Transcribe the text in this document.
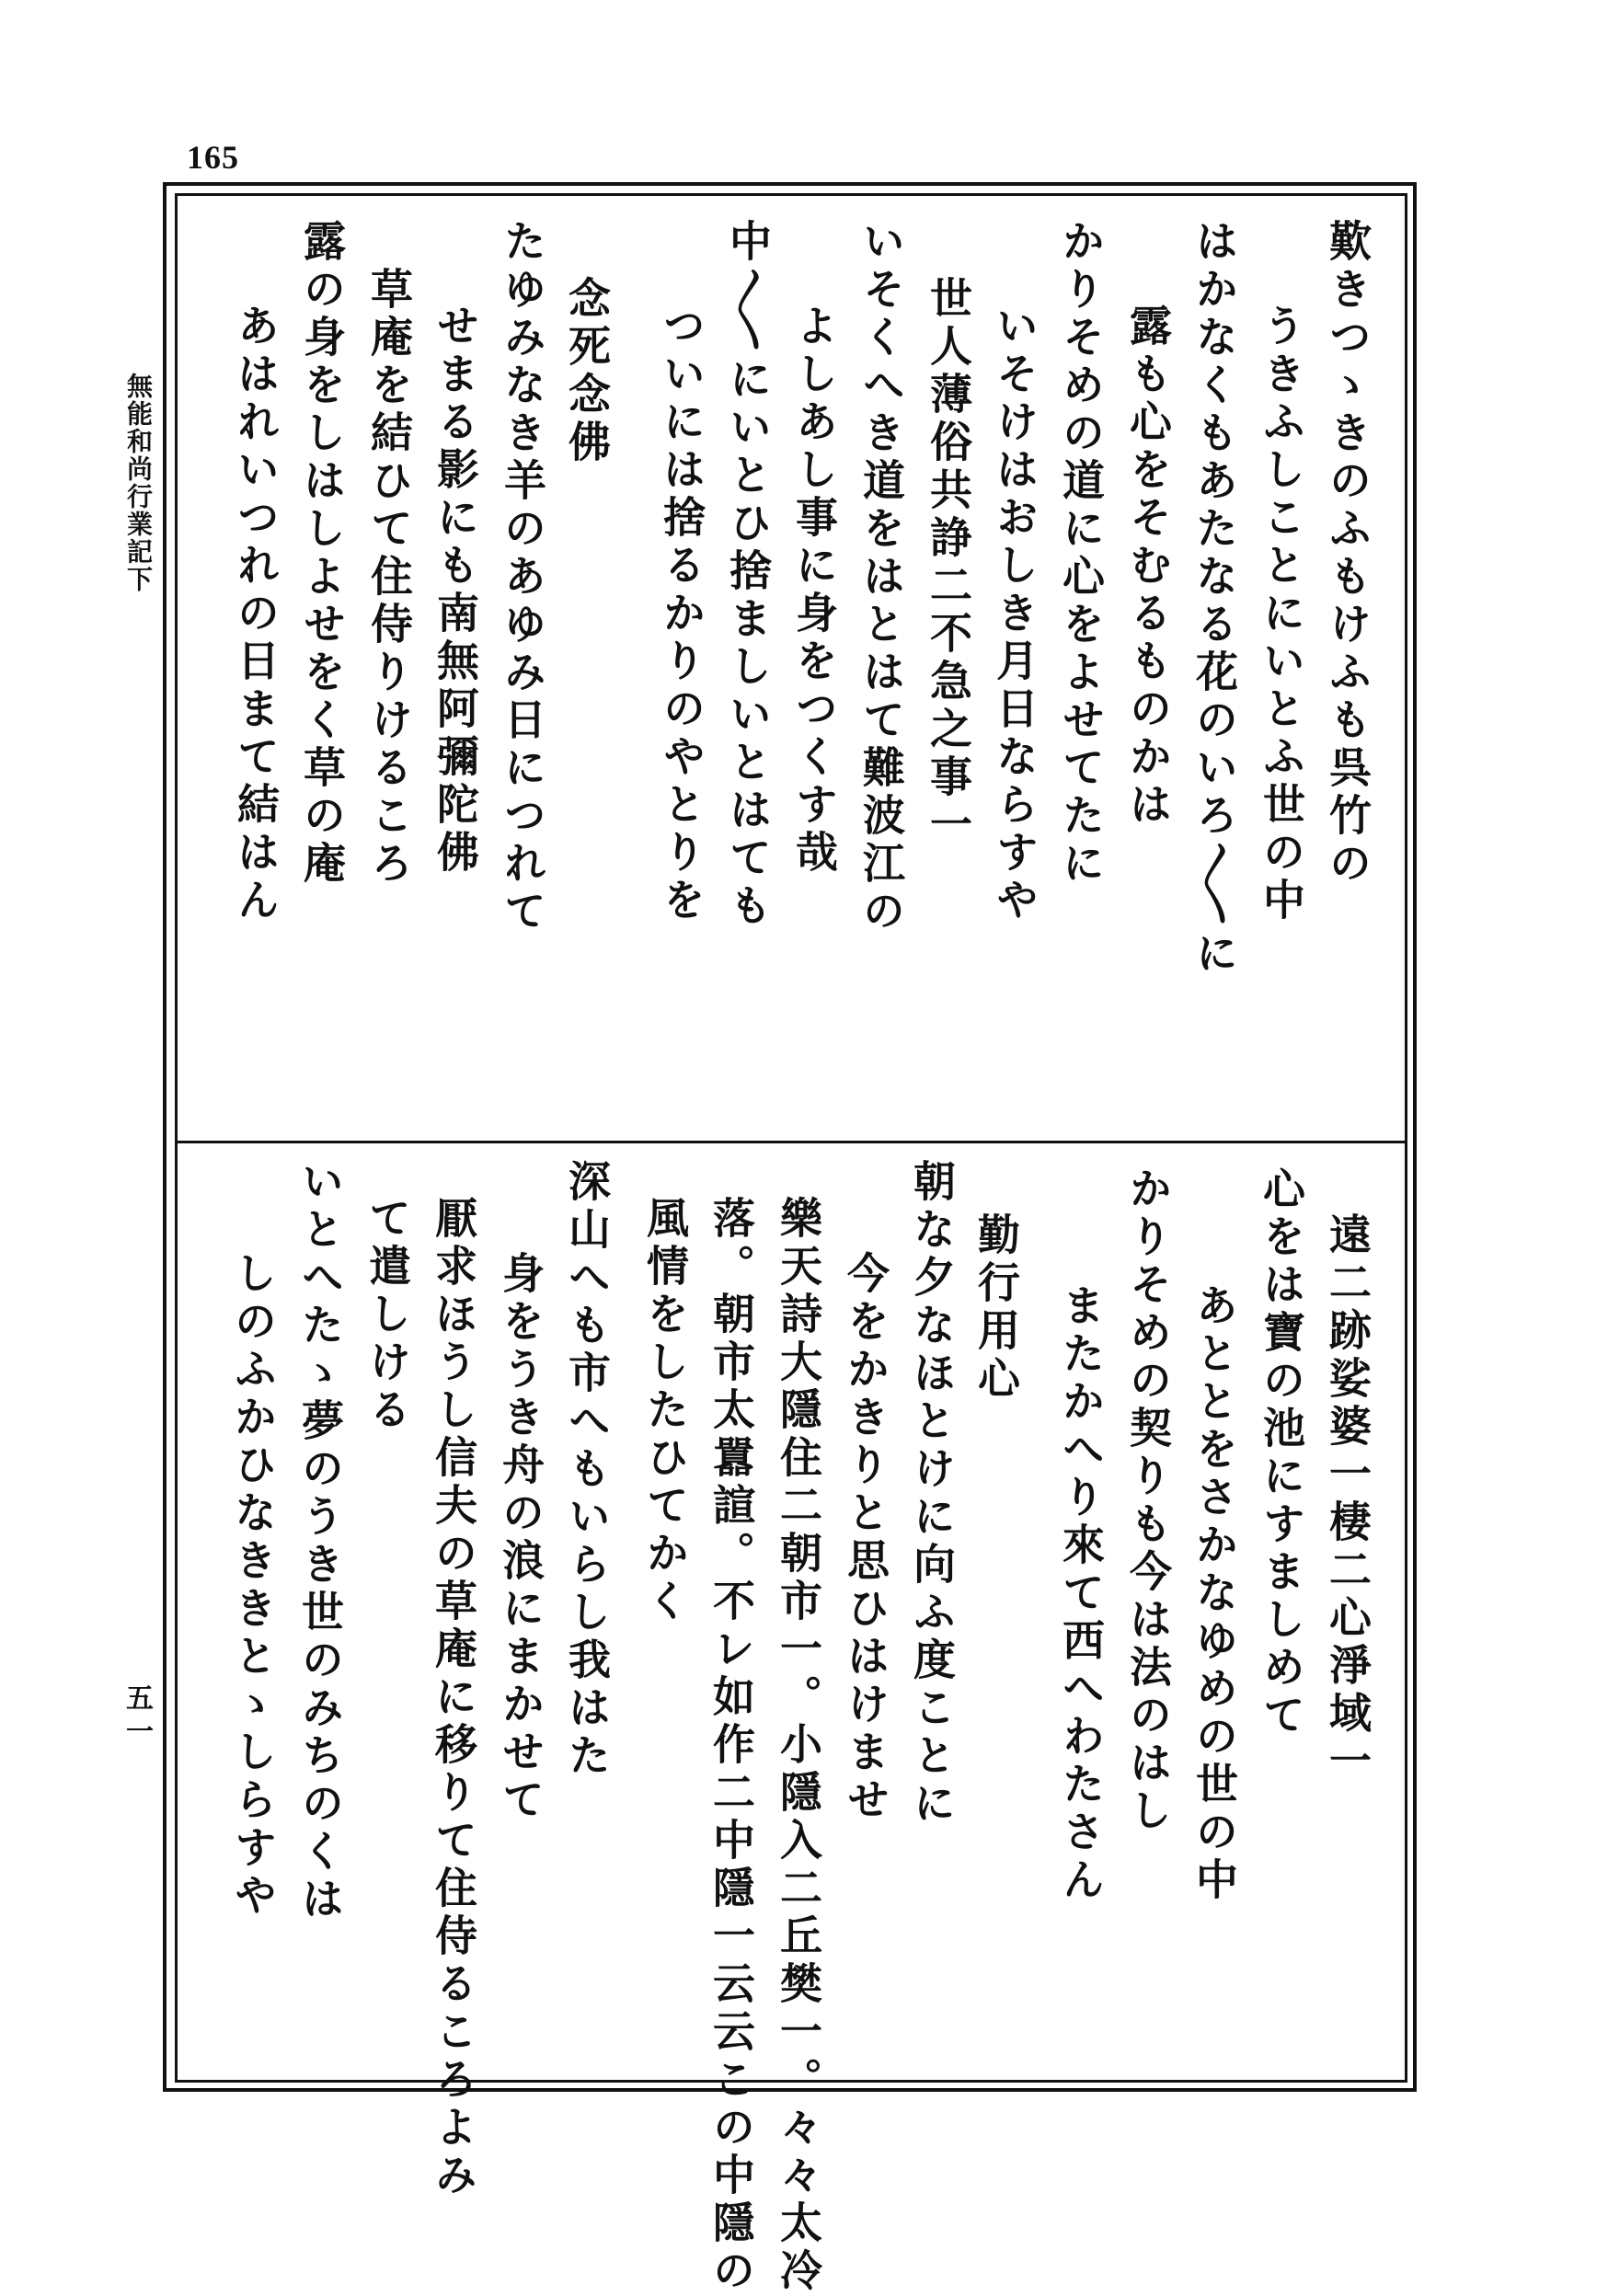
165
無能和尚行業記下
五一
歎きつゝきのふもけふも呉竹の
うきふしことにいとふ世の中
はかなくもあたなる花のいろ〳〵に
露も心をそむるものかは
かりそめの道に心をよせてたに
いそけはおしき月日ならすや
世人薄俗共諍二不急之事一
いそくへき道をはとはて難波江の
よしあし事に身をつくす哉
中〳〵にいとひ捨ましいとはても
ついには捨るかりのやとりを
念死念佛
たゆみなき羊のあゆみ日につれて
せまる影にも南無阿彌陀佛
草庵を結ひて住侍りけるころ
露の身をしはしよせをく草の庵
あはれいつれの日まて結はん
遠二跡娑婆一棲二心淨域一
心をは寶の池にすましめて
あととをさかなゆめの世の中
かりそめの契りも今は法のはし
またかへり來て西へわたさん
勤行用心
朝な夕なほとけに向ふ度ことに
今をかきりと思ひはけませ
樂天詩大隱住二朝市一。小隱入二丘樊一。々々太冷
落。朝市太囂諠。不レ如作二中隱一云云この中隱の
風情をしたひてかく
深山へも市へもいらし我はた
身をうき舟の浪にまかせて
厭求ほうし信夫の草庵に移りて住侍るころよみ
て遣しける
いとへたゝ夢のうき世のみちのくは
しのふかひなききとゝしらすや
